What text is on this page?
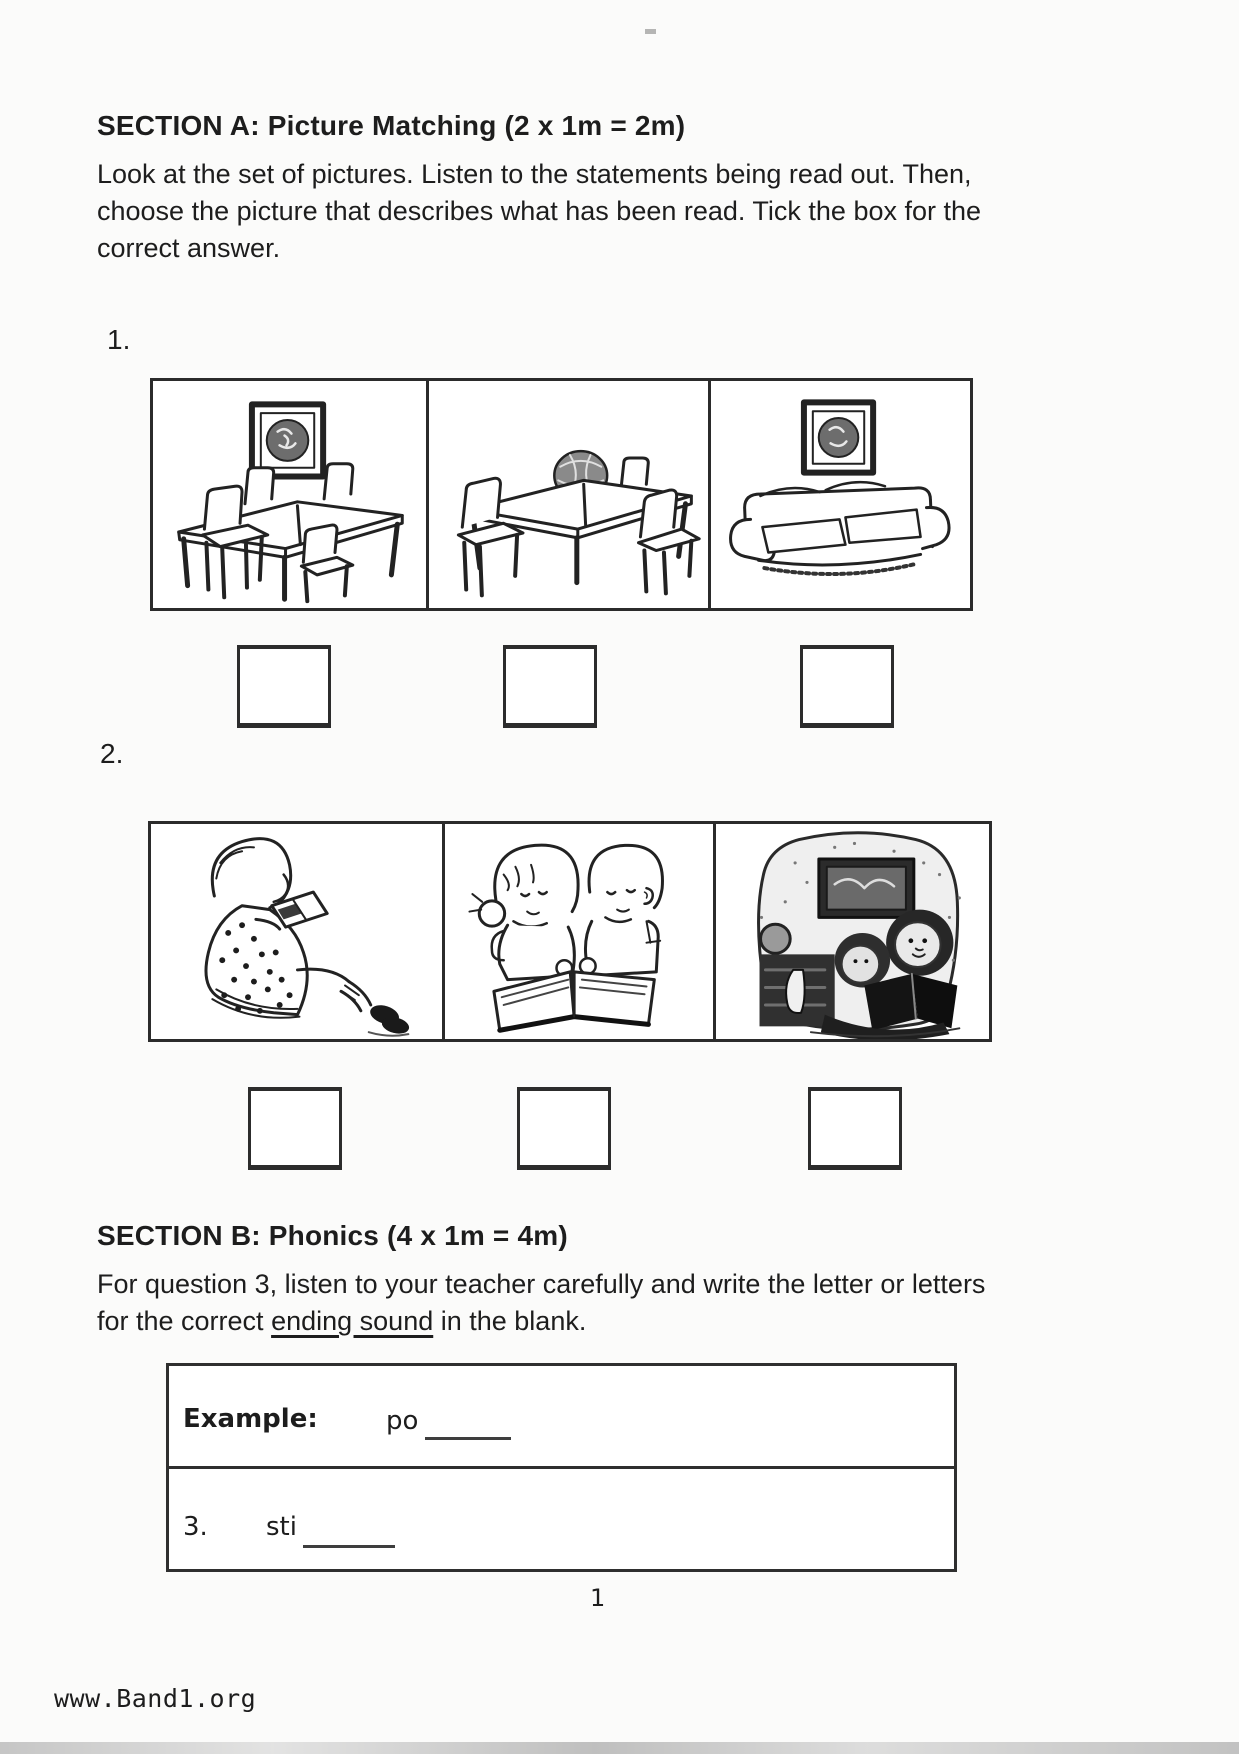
SECTION A: Picture Matching (2 x 1m = 2m)
Look at the set of pictures. Listen to the statements being read out. Then, choose the picture that describes what has been read. Tick the box for the correct answer.
1.
2.
SECTION B: Phonics (4 x 1m = 4m)
For question 3, listen to your teacher carefully and write the letter or letters for the correct ending sound in the blank.
Example:	po
3. sti
1
www.Band1.org
